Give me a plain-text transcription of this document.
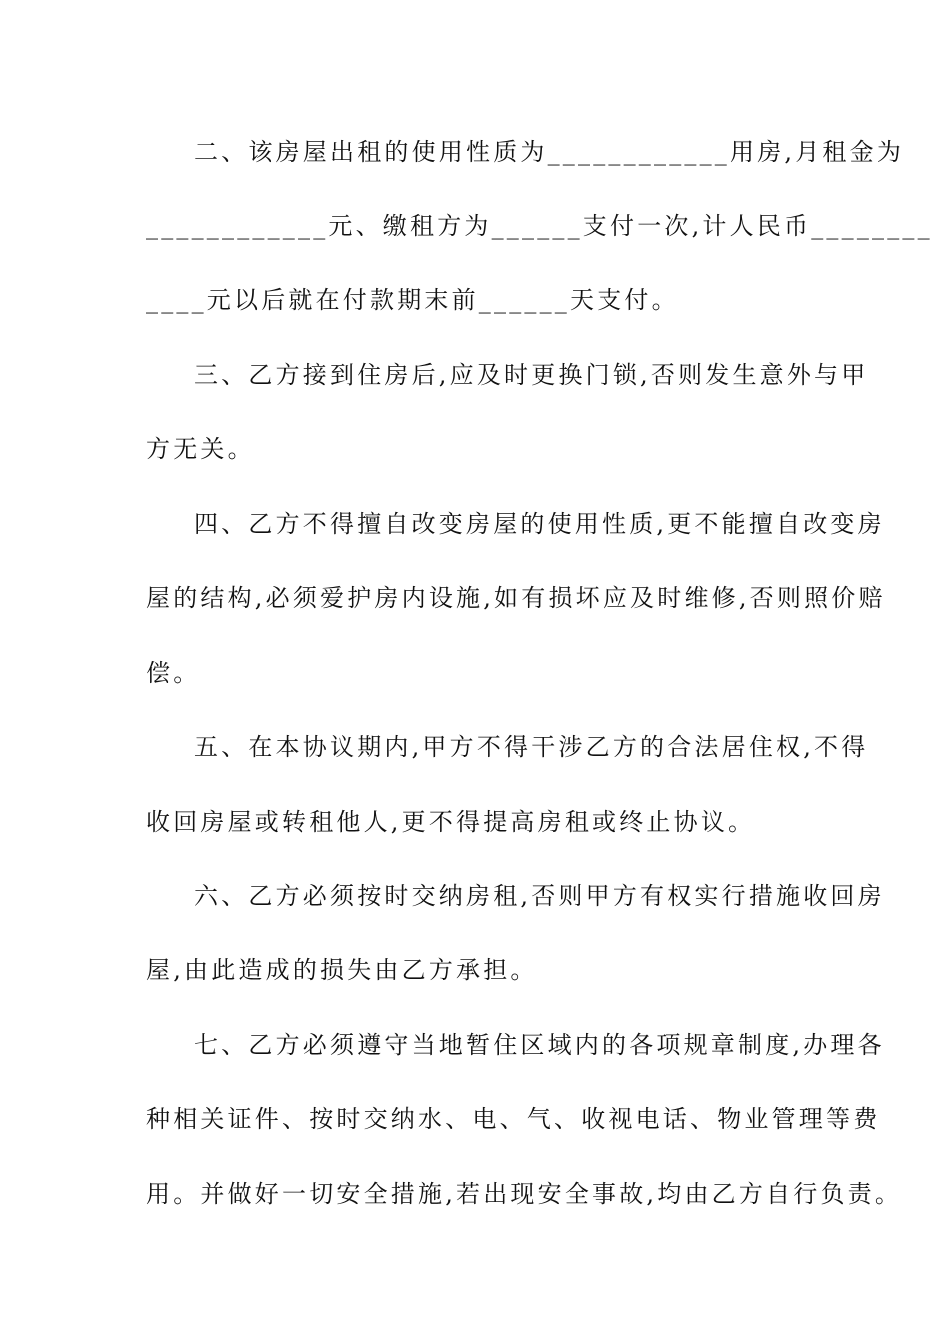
二、该房屋出租的使用性质为____________用房,月租金为
____________元、缴租方为______支付一次,计人民币________
____元以后就在付款期末前______天支付。
三、乙方接到住房后,应及时更换门锁,否则发生意外与甲
方无关。
四、乙方不得擅自改变房屋的使用性质,更不能擅自改变房
屋的结构,必须爱护房内设施,如有损坏应及时维修,否则照价赔
偿。
五、在本协议期内,甲方不得干涉乙方的合法居住权,不得
收回房屋或转租他人,更不得提高房租或终止协议。
六、乙方必须按时交纳房租,否则甲方有权实行措施收回房
屋,由此造成的损失由乙方承担。
七、乙方必须遵守当地暂住区域内的各项规章制度,办理各
种相关证件、按时交纳水、电、气、收视电话、物业管理等费
用。并做好一切安全措施,若出现安全事故,均由乙方自行负责。
